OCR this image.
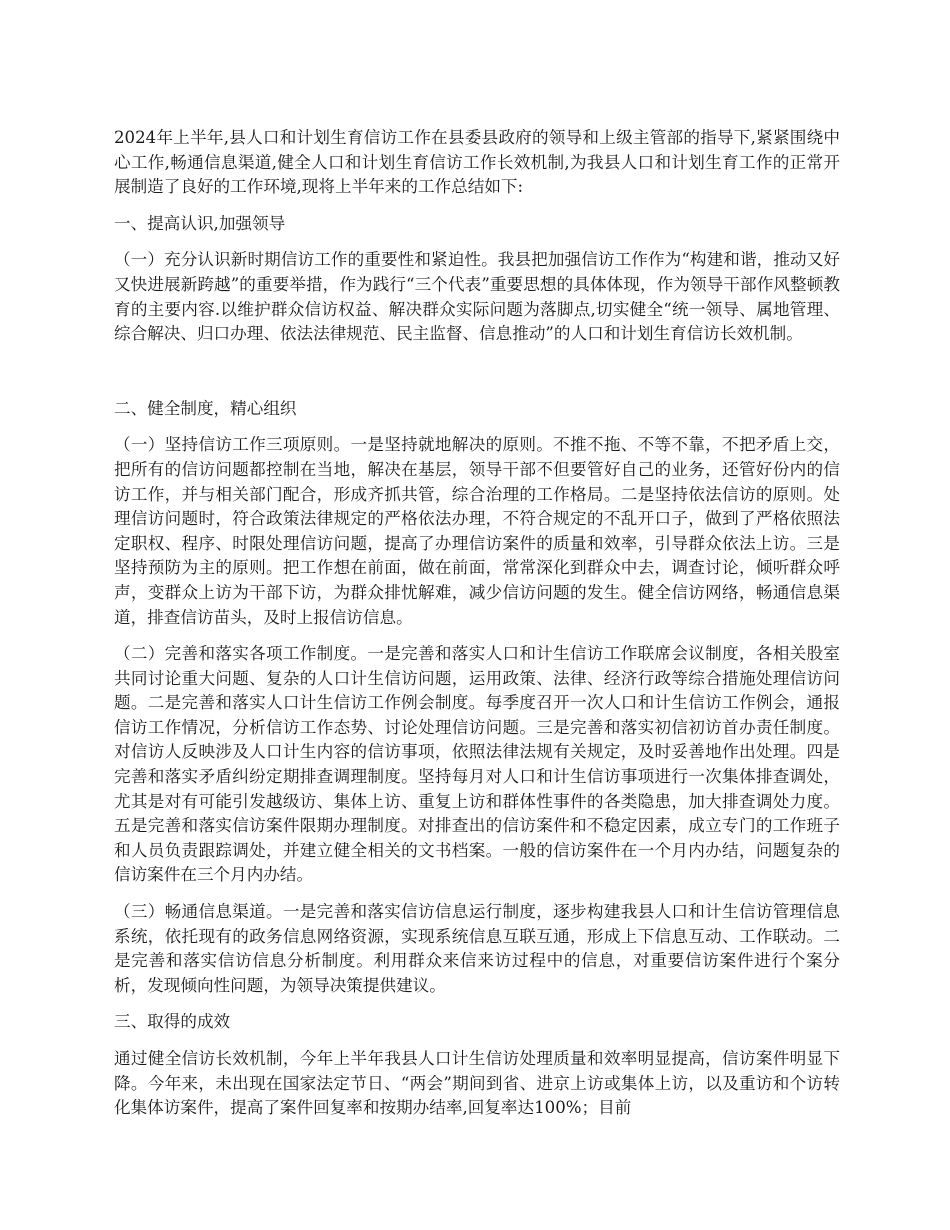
2024年上半年,县人口和计划生育信访工作在县委县政府的领导和上级主管部的指导下,紧紧围绕中心工作,畅通信息渠道,健全人口和计划生育信访工作长效机制,为我县人口和计划生育工作的正常开展制造了良好的工作环境,现将上半年来的工作总结如下:

一、提高认识,加强领导

（一）充分认识新时期信访工作的重要性和紧迫性。我县把加强信访工作作为“构建和谐，推动又好又快进展新跨越”的重要举措，作为践行“三个代表”重要思想的具体体现，作为领导干部作风整顿教育的主要内容.以维护群众信访权益、解决群众实际问题为落脚点,切实健全“统一领导、属地管理、综合解决、归口办理、依法法律规范、民主监督、信息推动”的人口和计划生育信访长效机制。

二、健全制度，精心组织

（一）坚持信访工作三项原则。一是坚持就地解决的原则。不推不拖、不等不靠，不把矛盾上交，把所有的信访问题都控制在当地，解决在基层，领导干部不但要管好自己的业务，还管好份内的信访工作，并与相关部门配合，形成齐抓共管，综合治理的工作格局。二是坚持依法信访的原则。处理信访问题时，符合政策法律规定的严格依法办理，不符合规定的不乱开口子，做到了严格依照法定职权、程序、时限处理信访问题，提高了办理信访案件的质量和效率，引导群众依法上访。三是坚持预防为主的原则。把工作想在前面，做在前面，常常深化到群众中去，调查讨论，倾听群众呼声，变群众上访为干部下访，为群众排忧解难，减少信访问题的发生。健全信访网络，畅通信息渠道，排查信访苗头，及时上报信访信息。

（二）完善和落实各项工作制度。一是完善和落实人口和计生信访工作联席会议制度，各相关股室共同讨论重大问题、复杂的人口计生信访问题，运用政策、法律、经济行政等综合措施处理信访问题。二是完善和落实人口计生信访工作例会制度。每季度召开一次人口和计生信访工作例会，通报信访工作情况，分析信访工作态势、讨论处理信访问题。三是完善和落实初信初访首办责任制度。对信访人反映涉及人口计生内容的信访事项，依照法律法规有关规定，及时妥善地作出处理。四是完善和落实矛盾纠纷定期排查调理制度。坚持每月对人口和计生信访事项进行一次集体排查调处，尤其是对有可能引发越级访、集体上访、重复上访和群体性事件的各类隐患，加大排查调处力度。五是完善和落实信访案件限期办理制度。对排查出的信访案件和不稳定因素，成立专门的工作班子和人员负责跟踪调处，并建立健全相关的文书档案。一般的信访案件在一个月内办结，问题复杂的信访案件在三个月内办结。

（三）畅通信息渠道。一是完善和落实信访信息运行制度，逐步构建我县人口和计生信访管理信息系统，依托现有的政务信息网络资源，实现系统信息互联互通，形成上下信息互动、工作联动。二是完善和落实信访信息分析制度。利用群众来信来访过程中的信息，对重要信访案件进行个案分析，发现倾向性问题，为领导决策提供建议。

三、取得的成效

通过健全信访长效机制，今年上半年我县人口计生信访处理质量和效率明显提高，信访案件明显下降。今年来，未出现在国家法定节日、“两会”期间到省、进京上访或集体上访，以及重访和个访转化集体访案件，提高了案件回复率和按期办结率,回复率达100%；目前
